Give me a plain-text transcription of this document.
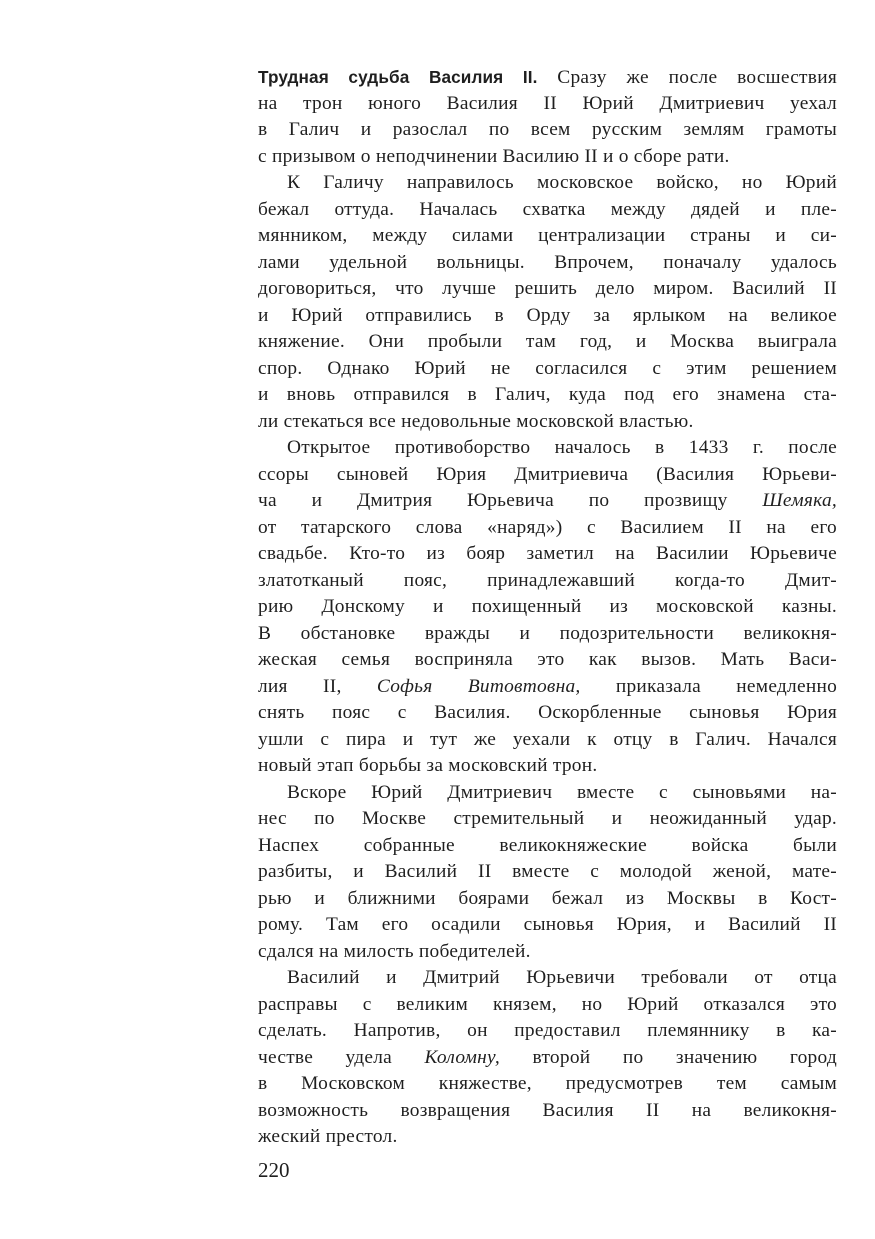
Трудная судьба Василия II. Сразу же после восшествия
на трон юного Василия II Юрий Дмитриевич уехал
в Галич и разослал по всем русским землям грамоты
с призывом о неподчинении Василию II и о сборе рати.
К Галичу направилось московское войско, но Юрий
бежал оттуда. Началась схватка между дядей и пле-
мянником, между силами централизации страны и си-
лами удельной вольницы. Впрочем, поначалу удалось
договориться, что лучше решить дело миром. Василий II
и Юрий отправились в Орду за ярлыком на великое
княжение. Они пробыли там год, и Москва выиграла
спор. Однако Юрий не согласился с этим решением
и вновь отправился в Галич, куда под его знамена ста-
ли стекаться все недовольные московской властью.
Открытое противоборство началось в 1433 г. после
ссоры сыновей Юрия Дмитриевича (Василия Юрьеви-
ча и Дмитрия Юрьевича по прозвищу Шемяка,
от татарского слова «наряд») с Василием II на его
свадьбе. Кто-то из бояр заметил на Василии Юрьевиче
златотканый пояс, принадлежавший когда-то Дмит-
рию Донскому и похищенный из московской казны.
В обстановке вражды и подозрительности великокня-
жеская семья восприняла это как вызов. Мать Васи-
лия II, Софья Витовтовна, приказала немедленно
снять пояс с Василия. Оскорбленные сыновья Юрия
ушли с пира и тут же уехали к отцу в Галич. Начался
новый этап борьбы за московский трон.
Вскоре Юрий Дмитриевич вместе с сыновьями на-
нес по Москве стремительный и неожиданный удар.
Наспех собранные великокняжеские войска были
разбиты, и Василий II вместе с молодой женой, мате-
рью и ближними боярами бежал из Москвы в Кост-
рому. Там его осадили сыновья Юрия, и Василий II
сдался на милость победителей.
Василий и Дмитрий Юрьевичи требовали от отца
расправы с великим князем, но Юрий отказался это
сделать. Напротив, он предоставил племяннику в ка-
честве удела Коломну, второй по значению город
в Московском княжестве, предусмотрев тем самым
возможность возвращения Василия II на великокня-
жеский престол.
220
